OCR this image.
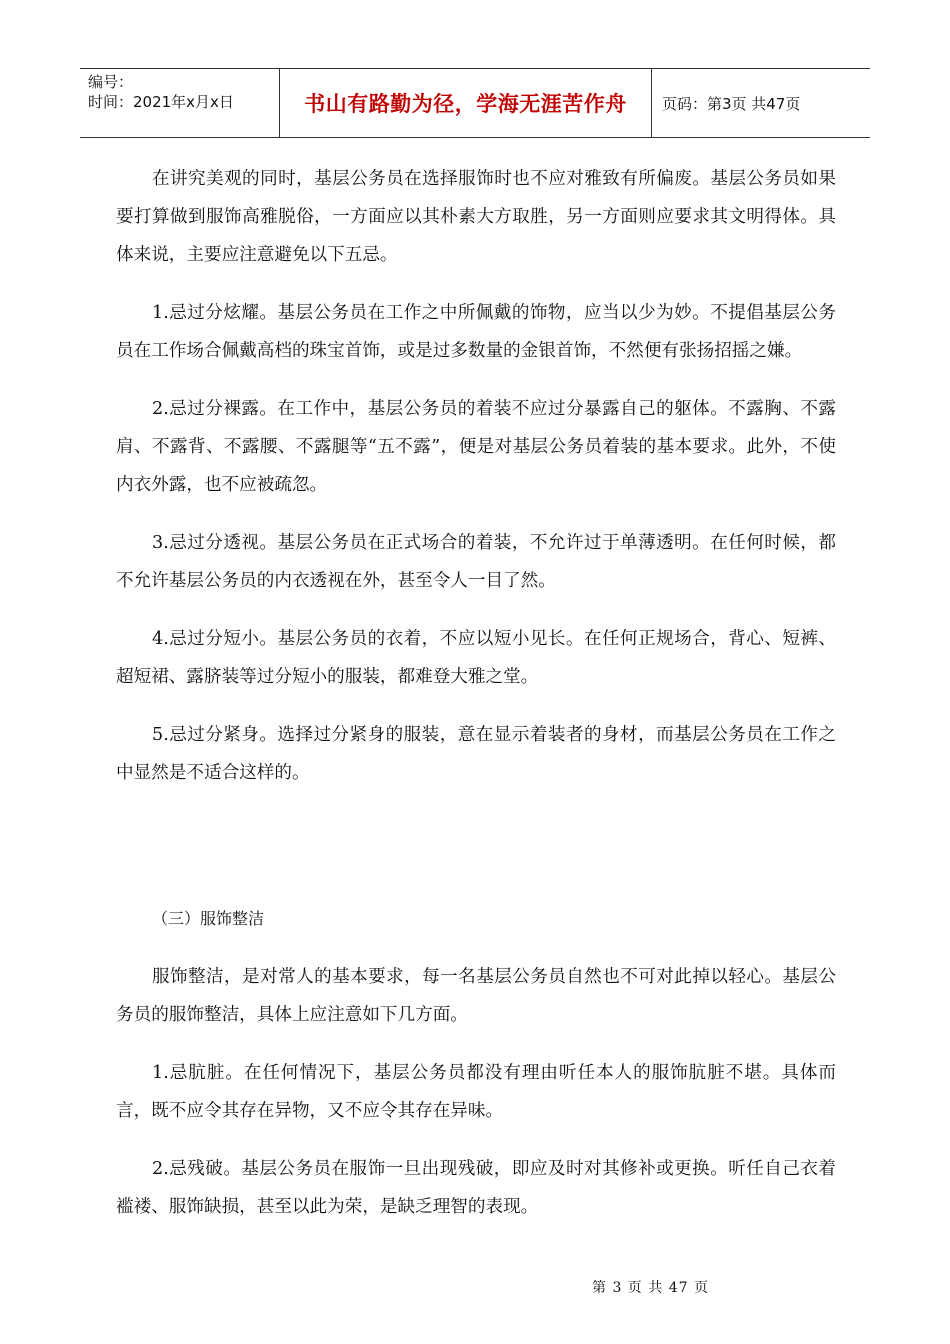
编号：
时间：2021年x月x日	书山有路勤为径，学海无涯苦作舟 页码：第3页 共47页

在讲究美观的同时，基层公务员在选择服饰时也不应对雅致有所偏废。基层公务员如果要打算做到服饰高雅脱俗，一方面应以其朴素大方取胜，另一方面则应要求其文明得体。具体来说，主要应注意避免以下五忌。

1.忌过分炫耀。基层公务员在工作之中所佩戴的饰物，应当以少为妙。不提倡基层公务员在工作场合佩戴高档的珠宝首饰，或是过多数量的金银首饰，不然便有张扬招摇之嫌。

2.忌过分裸露。在工作中，基层公务员的着装不应过分暴露自己的躯体。不露胸、不露肩、不露背、不露腰、不露腿等“五不露”，便是对基层公务员着装的基本要求。此外，不使内衣外露，也不应被疏忽。

3.忌过分透视。基层公务员在正式场合的着装，不允许过于单薄透明。在任何时候，都不允许基层公务员的内衣透视在外，甚至令人一目了然。

4.忌过分短小。基层公务员的衣着，不应以短小见长。在任何正规场合，背心、短裤、超短裙、露脐装等过分短小的服装，都难登大雅之堂。

5.忌过分紧身。选择过分紧身的服装，意在显示着装者的身材，而基层公务员在工作之中显然是不适合这样的。

（三）服饰整洁

服饰整洁，是对常人的基本要求，每一名基层公务员自然也不可对此掉以轻心。基层公务员的服饰整洁，具体上应注意如下几方面。

1.忌肮脏。在任何情况下，基层公务员都没有理由听任本人的服饰肮脏不堪。具体而言，既不应令其存在异物，又不应令其存在异味。

2.忌残破。基层公务员在服饰一旦出现残破，即应及时对其修补或更换。听任自己衣着褴褛、服饰缺损，甚至以此为荣，是缺乏理智的表现。

第 3 页 共 47 页
